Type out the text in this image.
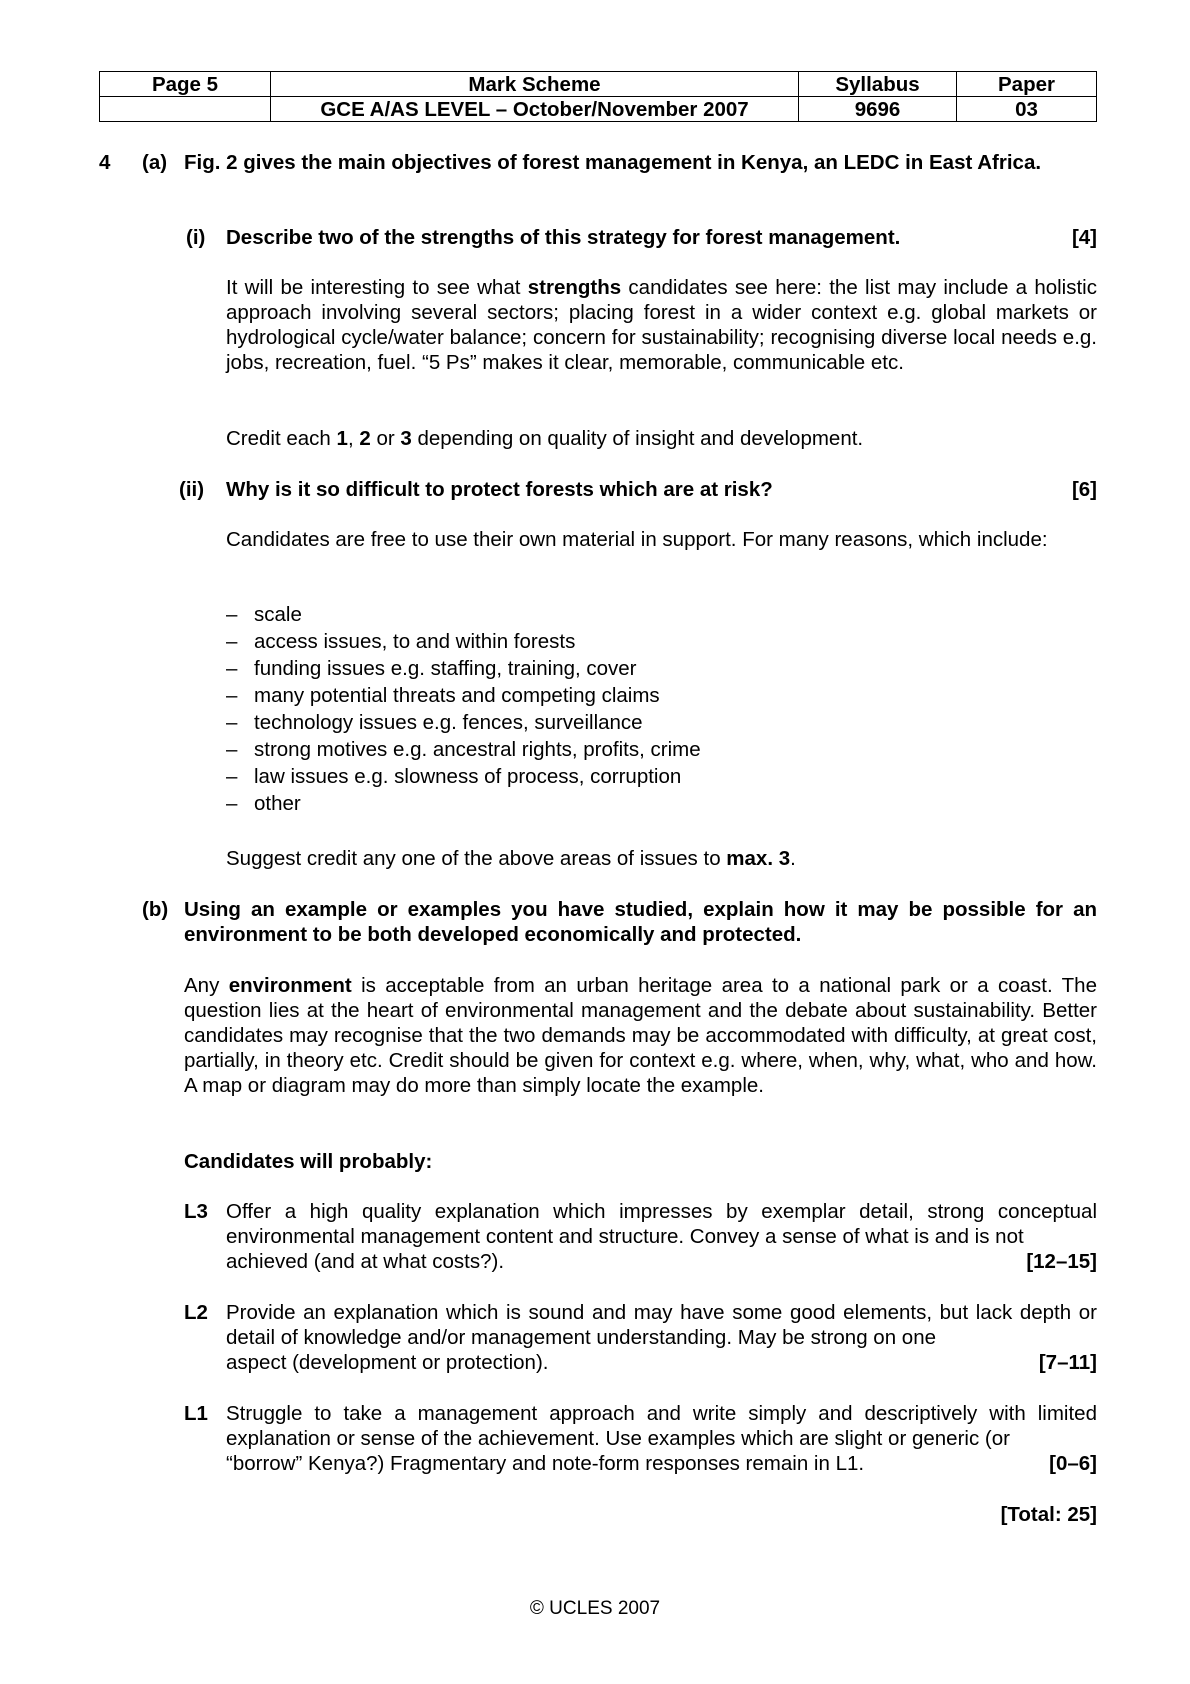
Page 5	Mark Scheme	Syllabus	Paper
	GCE A/AS LEVEL – October/November 2007	9696	03
4 (a) Fig. 2 gives the main objectives of forest management in Kenya, an LEDC in East Africa.
(i) Describe two of the strengths of this strategy for forest management.	[4]
It will be interesting to see what strengths candidates see here: the list may include a holistic approach involving several sectors; placing forest in a wider context e.g. global markets or hydrological cycle/water balance; concern for sustainability; recognising diverse local needs e.g. jobs, recreation, fuel. “5 Ps” makes it clear, memorable, communicable etc.
Credit each 1, 2 or 3 depending on quality of insight and development.
(ii) Why is it so difficult to protect forests which are at risk?	[6]
Candidates are free to use their own material in support. For many reasons, which include:
– scale
– access issues, to and within forests
– funding issues e.g. staffing, training, cover
– many potential threats and competing claims
– technology issues e.g. fences, surveillance
– strong motives e.g. ancestral rights, profits, crime
– law issues e.g. slowness of process, corruption
– other
Suggest credit any one of the above areas of issues to max. 3.
(b) Using an example or examples you have studied, explain how it may be possible for an environment to be both developed economically and protected.
Any environment is acceptable from an urban heritage area to a national park or a coast. The question lies at the heart of environmental management and the debate about sustainability. Better candidates may recognise that the two demands may be accommodated with difficulty, at great cost, partially, in theory etc. Credit should be given for context e.g. where, when, why, what, who and how. A map or diagram may do more than simply locate the example.
Candidates will probably:
L3 Offer a high quality explanation which impresses by exemplar detail, strong conceptual environmental management content and structure. Convey a sense of what is and is not
achieved (and at what costs?).	[12–15]
L2 Provide an explanation which is sound and may have some good elements, but lack depth or detail of knowledge and/or management understanding. May be strong on one
aspect (development or protection).	[7–11]
L1 Struggle to take a management approach and write simply and descriptively with limited explanation or sense of the achievement. Use examples which are slight or generic (or
“borrow” Kenya?) Fragmentary and note-form responses remain in L1.	[0–6]
[Total: 25]
© UCLES 2007
